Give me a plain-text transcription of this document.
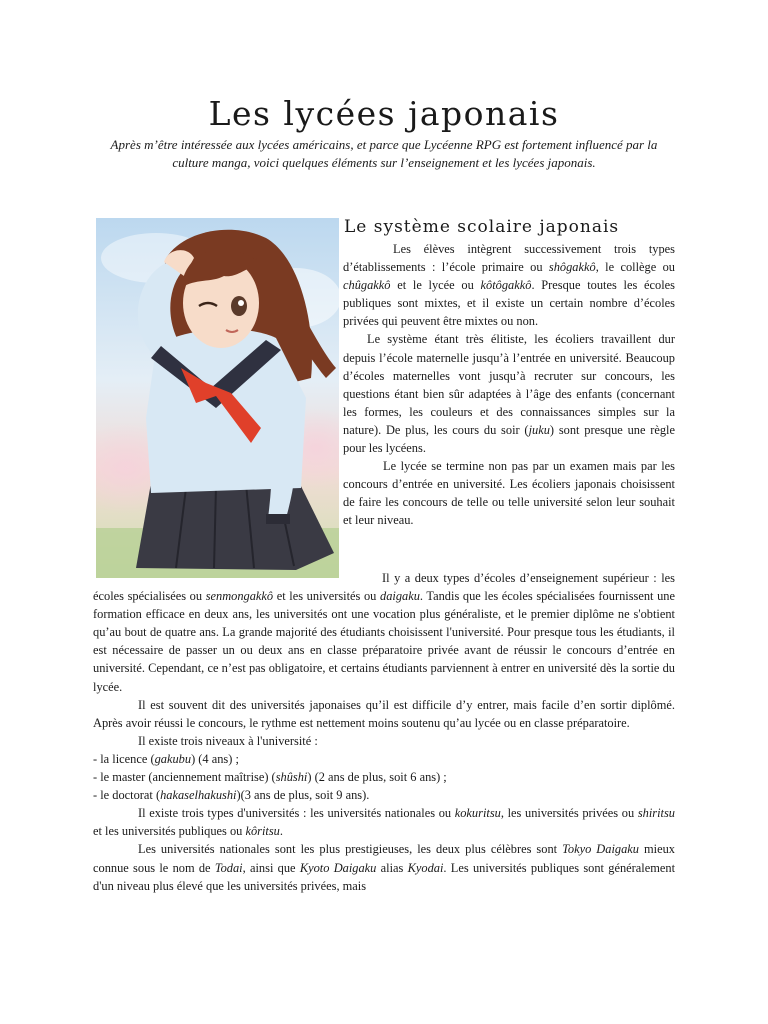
Les lycées japonais

Après m’être intéressée aux lycées américains, et parce que Lycéenne RPG est fortement influencé par la culture manga, voici quelques éléments sur l’enseignement et les lycées japonais.

Le système scolaire japonais

Les élèves intègrent successivement trois types d’établissements : l’école primaire ou shôgakkô, le collège ou chûgakkô et le lycée ou kôtôgakkô. Presque toutes les écoles publiques sont mixtes, et il existe un certain nombre d’écoles privées qui peuvent être mixtes ou non.

Le système étant très élitiste, les écoliers travaillent dur depuis l’école maternelle jusqu’à l’entrée en université. Beaucoup d’écoles maternelles vont jusqu’à recruter sur concours, les questions étant bien sûr adaptées à l’âge des enfants (concernant les formes, les couleurs et des connaissances simples sur la nature). De plus, les cours du soir (juku) sont presque une règle pour les lycéens.

Le lycée se termine non pas par un examen mais par les concours d’entrée en université. Les écoliers japonais choisissent de faire les concours de telle ou telle université selon leur souhait et leur niveau.

Il y a deux types d’écoles d’enseignement supérieur : les écoles spécialisées ou senmongakkô et les universités ou daigaku. Tandis que les écoles spécialisées fournissent une formation efficace en deux ans, les universités ont une vocation plus généraliste, et le premier diplôme ne s'obtient qu’au bout de quatre ans. La grande majorité des étudiants choisissent l'université. Pour presque tous les étudiants, il est nécessaire de passer un ou deux ans en classe préparatoire privée avant de réussir le concours d’entrée en université. Cependant, ce n’est pas obligatoire, et certains étudiants parviennent à entrer en université dès la sortie du lycée.

Il est souvent dit des universités japonaises qu’il est difficile d’y entrer, mais facile d’en sortir diplômé. Après avoir réussi le concours, le rythme est nettement moins soutenu qu’au lycée ou en classe préparatoire.

Il existe trois niveaux à l'université :

- la licence (gakubu) (4 ans) ;

- le master (anciennement maîtrise) (shûshi) (2 ans de plus, soit 6 ans) ;

- le doctorat (hakaselhakushi)(3 ans de plus, soit 9 ans).

Il existe trois types d'universités : les universités nationales ou kokuritsu, les universités privées ou shiritsu et les universités publiques ou kôritsu.

Les universités nationales sont les plus prestigieuses, les deux plus célèbres sont Tokyo Daigaku mieux connue sous le nom de Todai, ainsi que Kyoto Daigaku alias Kyodai. Les universités publiques sont généralement d'un niveau plus élevé que les universités privées, mais
